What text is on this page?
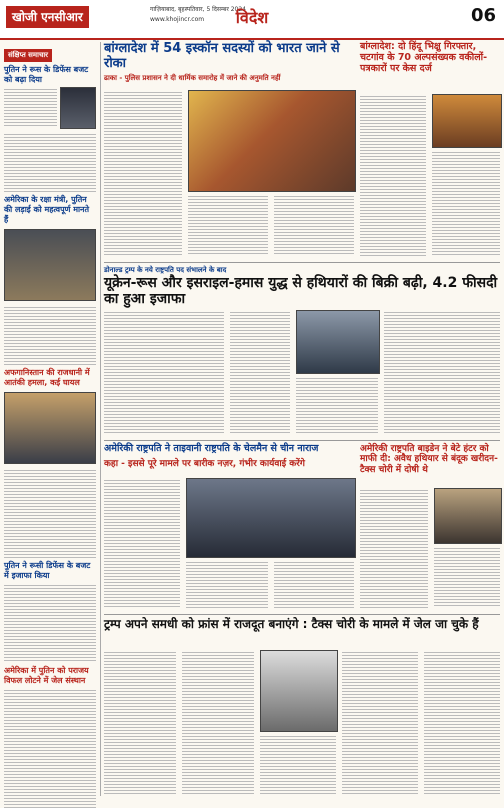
खोजी एनसीआर
गाज़ियाबाद, बृहस्पतिवार, 5 दिसम्बर 2024
www.khojincr.com	विदेश	06
संक्षिप्त समाचार
पुतिन ने रूस के डिफेंस बजट को बढ़ा दिया
अमेरिका के रक्षा मंत्री, पुतिन की लड़ाई को महत्वपूर्ण मानते हैं
अफगानिस्तान की राजधानी में आतंकी हमला, कई घायल
पुतिन ने रूसी डिफेंस के बजट में इजाफा किया
अमेरिका में पुतिन को पराजय विफल लोटने में जेल संस्थान
बांग्लादेश में 54 इस्कॉन सदस्यों को भारत जाने से रोका
ढाका - पुलिस प्रशासन ने दी धार्मिक समारोह में जाने की अनुमति नहीं
बांग्लादेश: दो हिंदू भिक्षु गिरफ्तार, चटगांव के 70 अल्पसंख्यक वकीलों-पत्रकारों पर केस दर्ज
डोनाल्ड ट्रम्प के नये राष्ट्रपति पद संभालने के बाद
यूक्रेन-रूस और इसराइल-हमास युद्ध से हथियारों की बिक्री बढ़ी, 4.2 फीसदी का हुआ इजाफा
अमेरिकी राष्ट्रपति ने ताइवानी राष्ट्रपति के चेलमैन से चीन नाराज
कहा - इससे पूरे मामले पर बारीक नज़र, गंभीर कार्यवाई करेंगे
अमेरिकी राष्ट्रपति बाइडेन ने बेटे हंटर को माफी दी: अवैध हथियार से बंदूक खरीदन-टैक्स चोरी में दोषी थे
ट्रम्प अपने समधी को फ्रांस में राजदूत बनाएंगे : टैक्स चोरी के मामले में जेल जा चुके हैं
